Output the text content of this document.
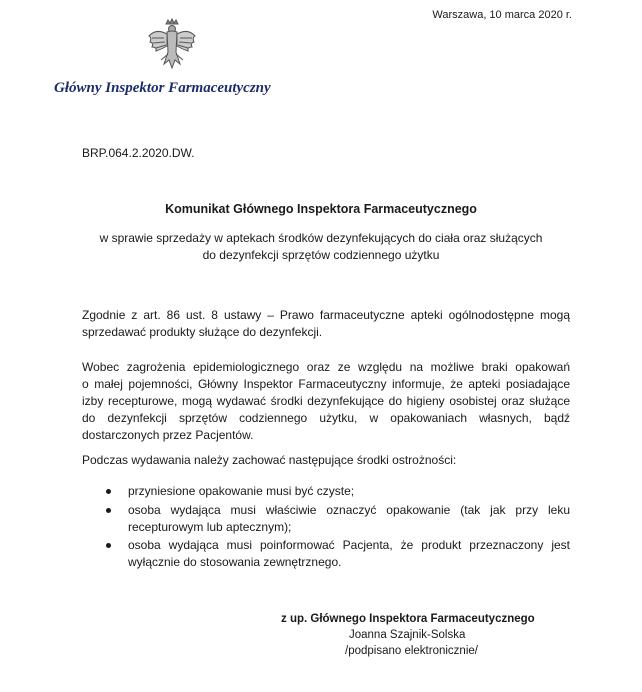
Warszawa, 10 marca 2020 r.
Główny Inspektor Farmaceutyczny
BRP.064.2.2020.DW.
Komunikat Głównego Inspektora Farmaceutycznego
w sprawie sprzedaży w aptekach środków dezynfekujących do ciała oraz służących
do dezynfekcji sprzętów codziennego użytku
Zgodnie z art. 86 ust. 8 ustawy – Prawo farmaceutyczne apteki ogólnodostępne mogą
sprzedawać produkty służące do dezynfekcji.
Wobec zagrożenia epidemiologicznego oraz ze względu na możliwe braki opakowań
o małej pojemności, Główny Inspektor Farmaceutyczny informuje, że apteki posiadające
izby recepturowe, mogą wydawać środki dezynfekujące do higieny osobistej oraz służące
do dezynfekcji sprzętów codziennego użytku, w opakowaniach własnych, bądź
dostarczonych przez Pacjentów.
Podczas wydawania należy zachować następujące środki ostrożności:
przyniesione opakowanie musi być czyste;
osoba wydająca musi właściwie oznaczyć opakowanie (tak jak przy leku
recepturowym lub aptecznym);
osoba wydająca musi poinformować Pacjenta, że produkt przeznaczony jest
wyłącznie do stosowania zewnętrznego.
z up. Głównego Inspektora Farmaceutycznego
Joanna Szajnik-Solska
/podpisano elektronicznie/
